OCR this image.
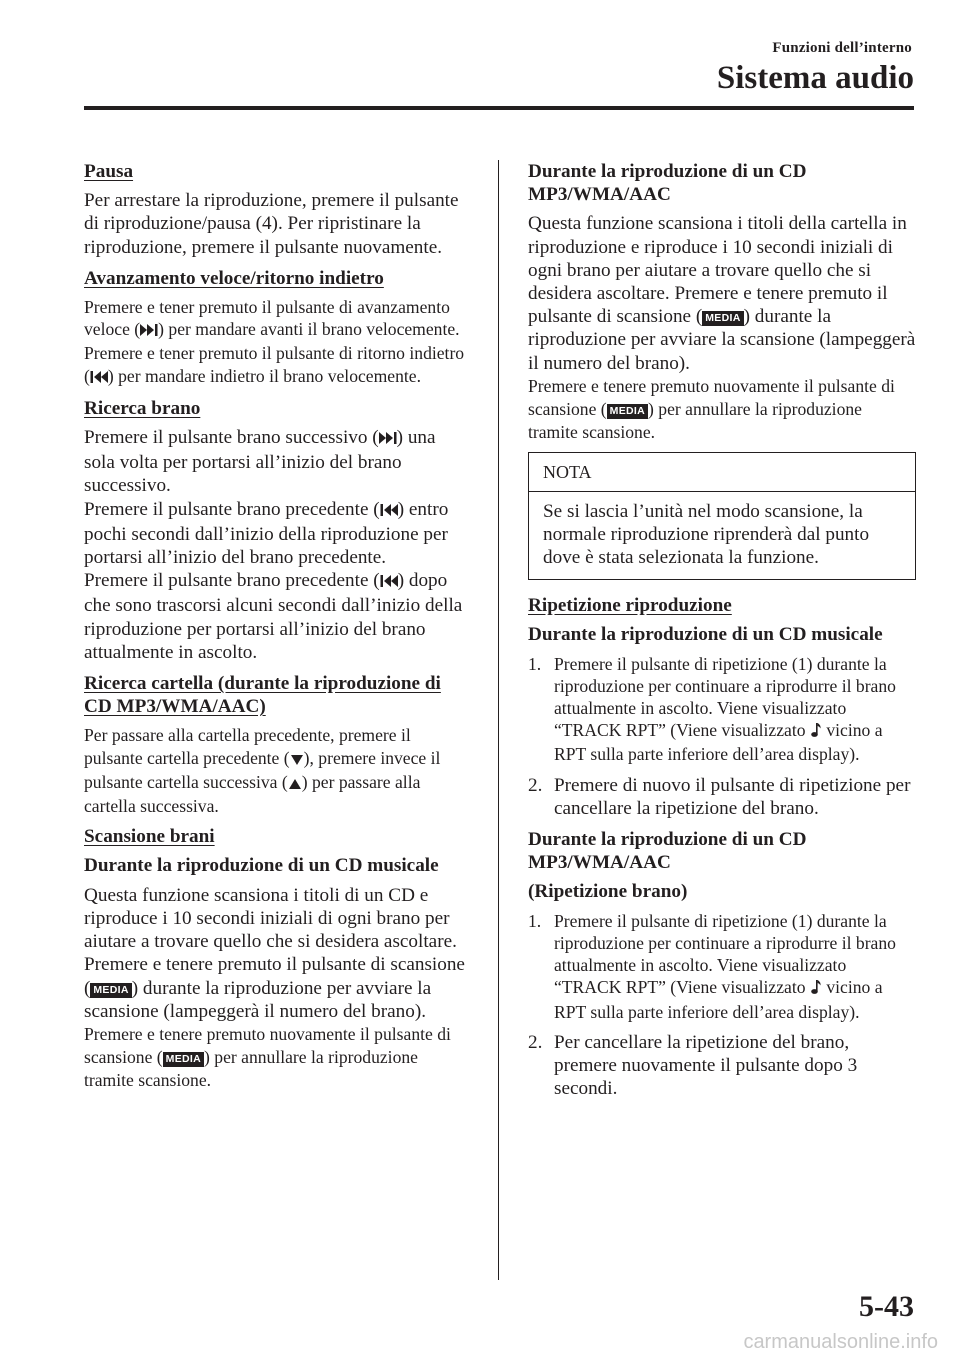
Funzioni dell’interno
Sistema audio
Pausa

Per arrestare la riproduzione, premere il pulsante di riproduzione/pausa (4). Per ripristinare la riproduzione, premere il pulsante nuovamente.

Avanzamento veloce/ritorno indietro

Premere e tener premuto il pulsante di avanzamento veloce ( ) per mandare avanti il brano velocemente. Premere e tener premuto il pulsante di ritorno indietro ( ) per mandare indietro il brano velocemente.

Ricerca brano

Premere il pulsante brano successivo ( ) una sola volta per portarsi all’inizio del brano successivo.
Premere il pulsante brano precedente ( ) entro pochi secondi dall’inizio della riproduzione per portarsi all’inizio del brano precedente.
Premere il pulsante brano precedente ( ) dopo che sono trascorsi alcuni secondi dall’inizio della riproduzione per portarsi all’inizio del brano attualmente in ascolto.

Ricerca cartella (durante la riproduzione di CD MP3/WMA/AAC)

Per passare alla cartella precedente, premere il pulsante cartella precedente ( ), premere invece il pulsante cartella successiva ( ) per passare alla cartella successiva.

Scansione brani
Durante la riproduzione di un CD musicale

Questa funzione scansiona i titoli di un CD e riproduce i 10 secondi iniziali di ogni brano per aiutare a trovare quello che si desidera ascoltare.
Premere e tenere premuto il pulsante di scansione ( MEDIA ) durante la riproduzione per avviare la scansione (lampeggerà il numero del brano).
Premere e tenere premuto nuovamente il pulsante di scansione ( MEDIA ) per annullare la riproduzione tramite scansione.

Durante la riproduzione di un CD MP3/WMA/AAC

Questa funzione scansiona i titoli della cartella in riproduzione e riproduce i 10 secondi iniziali di ogni brano per aiutare a trovare quello che si desidera ascoltare. Premere e tenere premuto il pulsante di scansione ( MEDIA ) durante la riproduzione per avviare la scansione (lampeggerà il numero del brano).
Premere e tenere premuto nuovamente il pulsante di scansione ( MEDIA ) per annullare la riproduzione tramite scansione.

NOTA
Se si lascia l’unità nel modo scansione, la normale riproduzione riprenderà dal punto dove è stata selezionata la funzione.
Ripetizione riproduzione
Durante la riproduzione di un CD musicale
1. Premere il pulsante di ripetizione (1) durante la riproduzione per continuare a riprodurre il brano attualmente in ascolto. Viene visualizzato “TRACK RPT” (Viene visualizzato  vicino a RPT sulla parte inferiore dell’area display).
2. Premere di nuovo il pulsante di ripetizione per cancellare la ripetizione del brano.
Durante la riproduzione di un CD MP3/WMA/AAC
(Ripetizione brano)
1. Premere il pulsante di ripetizione (1) durante la riproduzione per continuare a riprodurre il brano attualmente in ascolto. Viene visualizzato “TRACK RPT” (Viene visualizzato  vicino a RPT sulla parte inferiore dell’area display).
2. Per cancellare la ripetizione del brano, premere nuovamente il pulsante dopo 3 secondi.
5-43
carmanualsonline.info
